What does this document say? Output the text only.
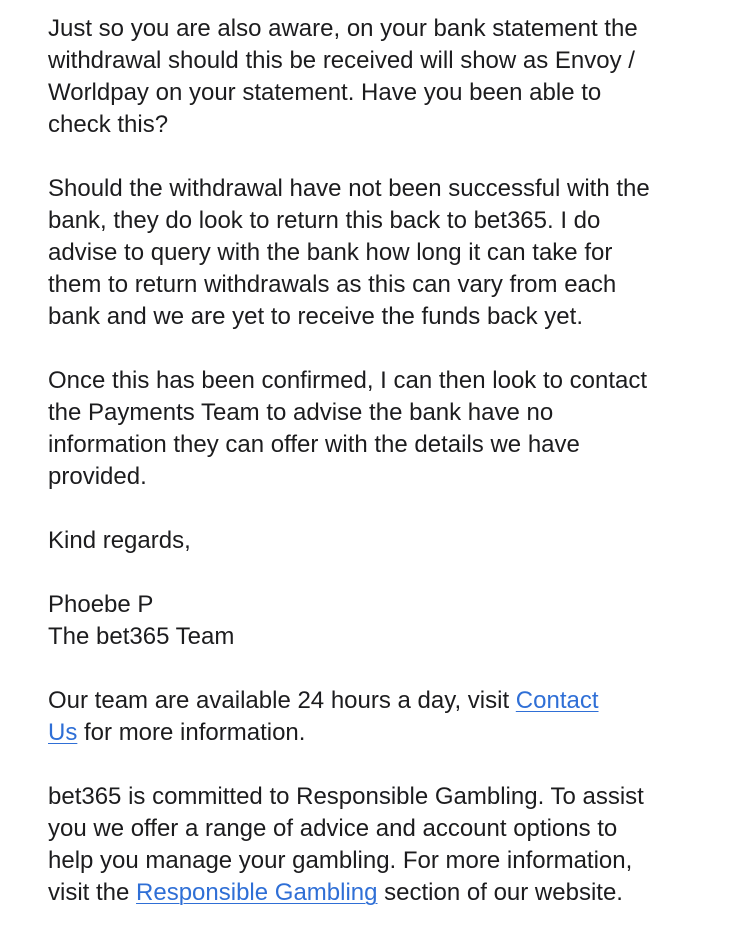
Just so you are also aware, on your bank statement the
withdrawal should this be received will show as Envoy /
Worldpay on your statement. Have you been able to
check this?

Should the withdrawal have not been successful with the
bank, they do look to return this back to bet365. I do
advise to query with the bank how long it can take for
them to return withdrawals as this can vary from each
bank and we are yet to receive the funds back yet.

Once this has been confirmed, I can then look to contact
the Payments Team to advise the bank have no
information they can offer with the details we have
provided.

Kind regards,

Phoebe P
The bet365 Team

Our team are available 24 hours a day, visit Contact
Us for more information.

bet365 is committed to Responsible Gambling. To assist
you we offer a range of advice and account options to
help you manage your gambling. For more information,
visit the Responsible Gambling section of our website.
